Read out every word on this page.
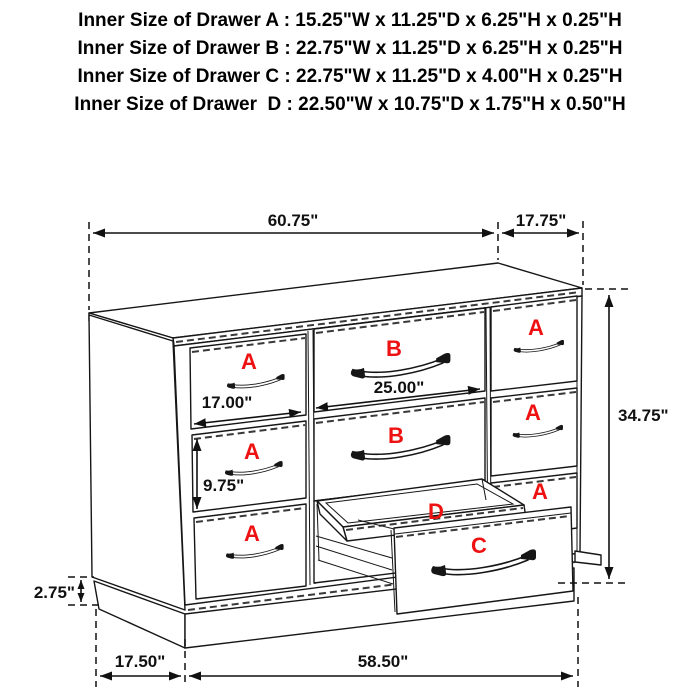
Inner Size of Drawer A : 15.25"W x 11.25"D x 6.25"H x 0.25"H
Inner Size of Drawer B : 22.75"W x 11.25"D x 6.25"H x 0.25"H
Inner Size of Drawer C : 22.75"W x 11.25"D x 4.00"H x 0.25"H
Inner Size of Drawer  D : 22.50"W x 10.75"D x 1.75"H x 0.50"H
A
A
A
B
B
A
A
A
D
C
60.75"	17.75"
34.75"
25.00"
17.00"
9.75"
2.75"
17.50"	58.50"
